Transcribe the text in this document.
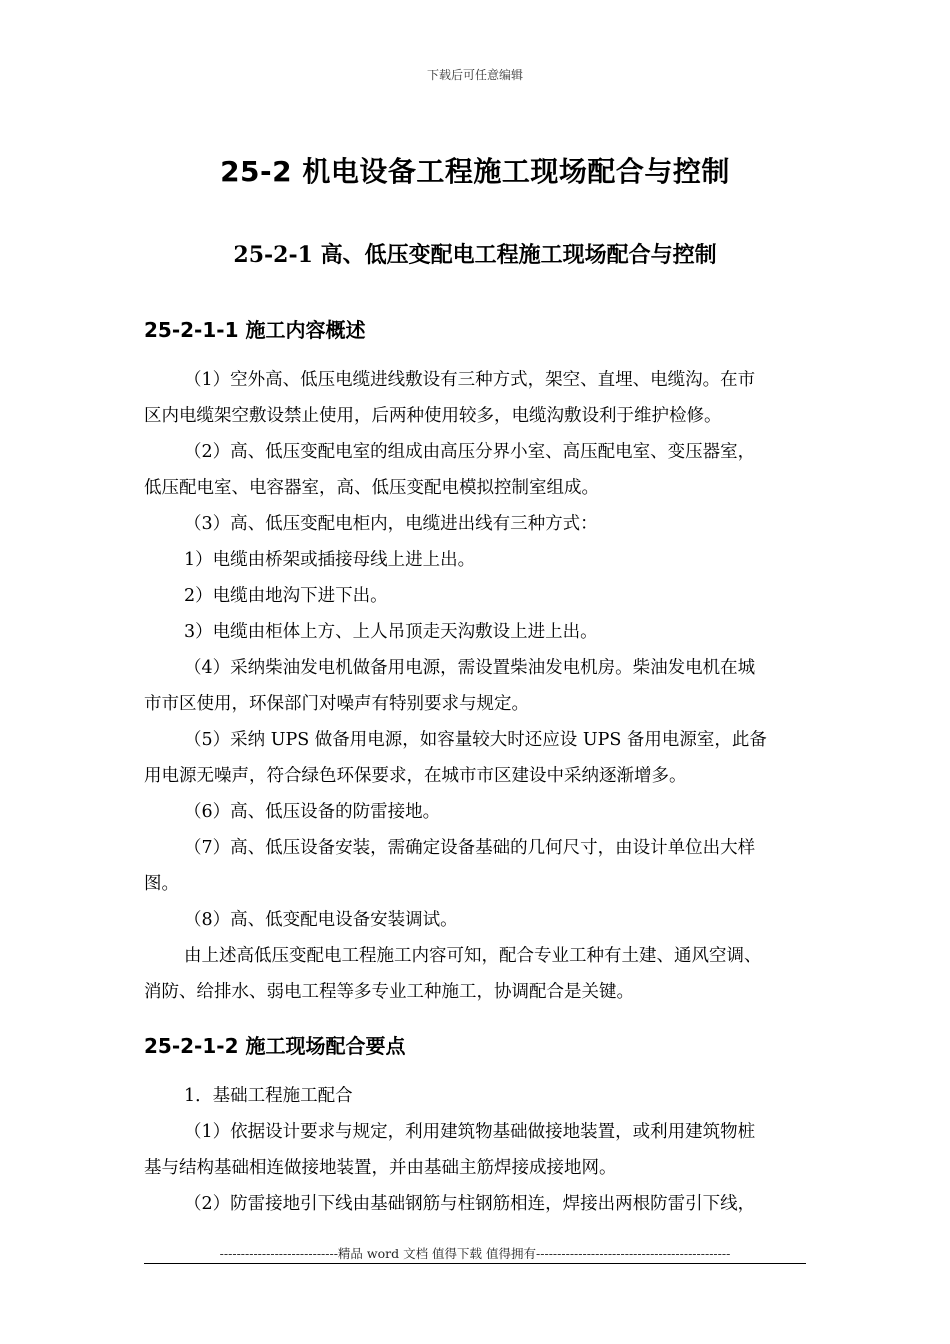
下载后可任意编辑
25-2 机电设备工程施工现场配合与控制
25-2-1 高、低压变配电工程施工现场配合与控制
25-2-1-1 施工内容概述
（1）空外高、低压电缆进线敷设有三种方式，架空、直埋、电缆沟。在市
区内电缆架空敷设禁止使用，后两种使用较多，电缆沟敷设利于维护检修。
（2）高、低压变配电室的组成由高压分界小室、高压配电室、变压器室，
低压配电室、电容器室，高、低压变配电模拟控制室组成。
（3）高、低压变配电柜内，电缆进出线有三种方式：
1）电缆由桥架或插接母线上进上出。
2）电缆由地沟下进下出。
3）电缆由柜体上方、上人吊顶走天沟敷设上进上出。
（4）采纳柴油发电机做备用电源，需设置柴油发电机房。柴油发电机在城
市市区使用，环保部门对噪声有特别要求与规定。
（5）采纳 UPS 做备用电源，如容量较大时还应设 UPS 备用电源室，此备
用电源无噪声，符合绿色环保要求，在城市市区建设中采纳逐渐增多。
（6）高、低压设备的防雷接地。
（7）高、低压设备安装，需确定设备基础的几何尺寸，由设计单位出大样
图。
（8）高、低变配电设备安装调试。
由上述高低压变配电工程施工内容可知，配合专业工种有土建、通风空调、
消防、给排水、弱电工程等多专业工种施工，协调配合是关键。
25-2-1-2 施工现场配合要点
1．基础工程施工配合
（1）依据设计要求与规定，利用建筑物基础做接地装置，或利用建筑物桩
基与结构基础相连做接地装置，并由基础主筋焊接成接地网。
（2）防雷接地引下线由基础钢筋与柱钢筋相连，焊接出两根防雷引下线，
----------------------------精品 word 文档 值得下载 值得拥有----------------------------------------------
